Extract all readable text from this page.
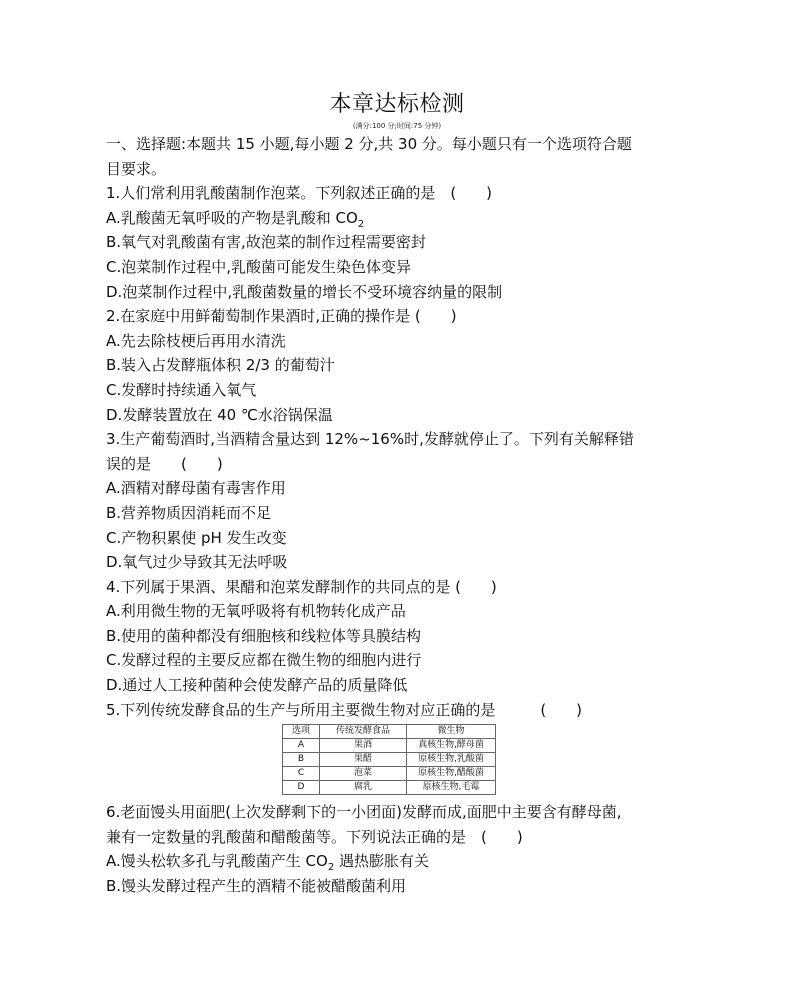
本章达标检测
(满分:100 分;时间:75 分钟)
一、选择题:本题共 15 小题,每小题 2 分,共 30 分。每小题只有一个选项符合题
目要求。
1.人们常利用乳酸菌制作泡菜。下列叙述正确的是　(　　)
A.乳酸菌无氧呼吸的产物是乳酸和 $CO_2$
B.氧气对乳酸菌有害,故泡菜的制作过程需要密封
C.泡菜制作过程中,乳酸菌可能发生染色体变异
D.泡菜制作过程中,乳酸菌数量的增长不受环境容纳量的限制
2.在家庭中用鲜葡萄制作果酒时,正确的操作是 (　　)
A.先去除枝梗后再用水清洗
B.装入占发酵瓶体积 2/3 的葡萄汁
C.发酵时持续通入氧气
D.发酵装置放在 40 ℃水浴锅保温
3.生产葡萄酒时,当酒精含量达到 12%~16%时,发酵就停止了。下列有关解释错
误的是　　(　　)
A.酒精对酵母菌有毒害作用
B.营养物质因消耗而不足
C.产物积累使 pH 发生改变
D.氧气过少导致其无法呼吸
4.下列属于果酒、果醋和泡菜发酵制作的共同点的是 (　　)
A.利用微生物的无氧呼吸将有机物转化成产品
B.使用的菌种都没有细胞核和线粒体等具膜结构
C.发酵过程的主要反应都在微生物的细胞内进行
D.通过人工接种菌种会使发酵产品的质量降低
5.下列传统发酵食品的生产与所用主要微生物对应正确的是　　　(　　)
选项	传统发酵食品	微生物
A	果酒	真核生物,酵母菌
B	果醋	原核生物,乳酸菌
C	泡菜	原核生物,醋酸菌
D	腐乳	原核生物,毛霉
6.老面馒头用面肥(上次发酵剩下的一小团面)发酵而成,面肥中主要含有酵母菌,
兼有一定数量的乳酸菌和醋酸菌等。下列说法正确的是　(　　)
A.馒头松软多孔与乳酸菌产生 $CO_2$ 遇热膨胀有关
B.馒头发酵过程产生的酒精不能被醋酸菌利用
